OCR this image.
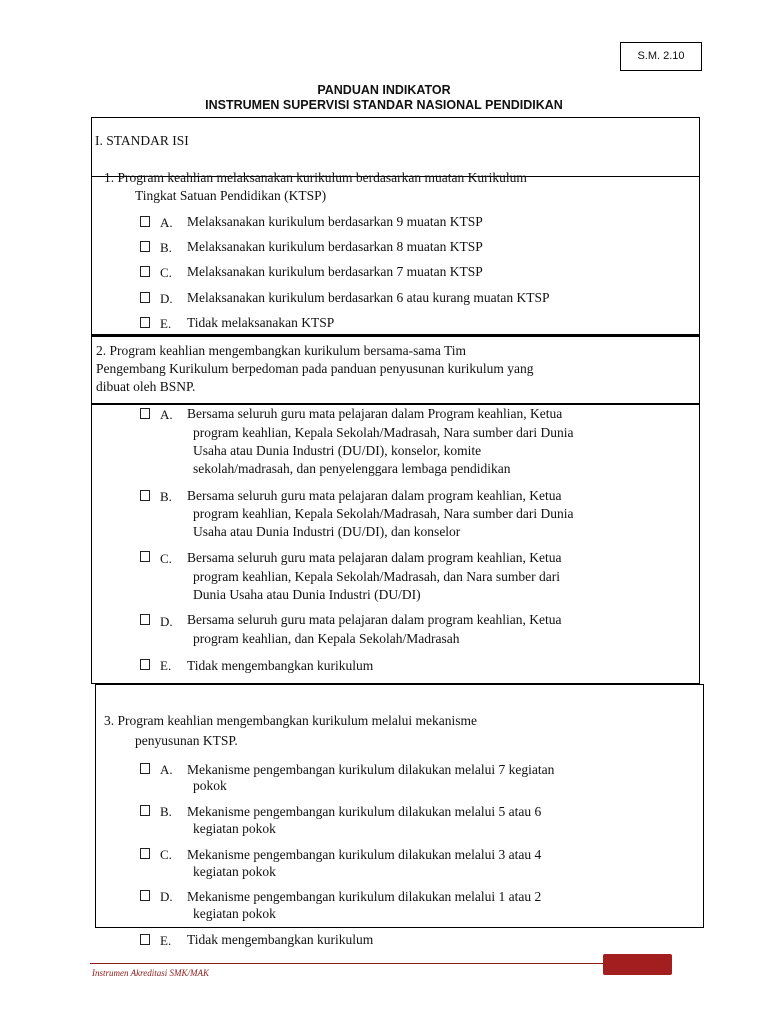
S.M. 2.10
PANDUAN INDIKATOR
INSTRUMEN SUPERVISI STANDAR NASIONAL PENDIDIKAN
I. STANDAR ISI
1. Program keahlian melaksanakan kurikulum berdasarkan muatan Kurikulum
Tingkat Satuan Pendidikan (KTSP)
A. Melaksanakan kurikulum berdasarkan 9 muatan KTSP
B. Melaksanakan kurikulum berdasarkan 8 muatan KTSP
C. Melaksanakan kurikulum berdasarkan 7 muatan KTSP
D. Melaksanakan kurikulum berdasarkan 6 atau kurang muatan KTSP
E. Tidak melaksanakan KTSP
2. Program keahlian mengembangkan kurikulum bersama-sama Tim
Pengembang Kurikulum berpedoman pada panduan penyusunan kurikulum yang
dibuat oleh BSNP.
A. Bersama seluruh guru mata pelajaran dalam Program keahlian, Ketua
program keahlian, Kepala Sekolah/Madrasah, Nara sumber dari Dunia
Usaha atau Dunia Industri (DU/DI), konselor, komite
sekolah/madrasah, dan penyelenggara lembaga pendidikan
B. Bersama seluruh guru mata pelajaran dalam program keahlian, Ketua
program keahlian, Kepala Sekolah/Madrasah, Nara sumber dari Dunia
Usaha atau Dunia Industri (DU/DI), dan konselor
C. Bersama seluruh guru mata pelajaran dalam program keahlian, Ketua
program keahlian, Kepala Sekolah/Madrasah, dan Nara sumber dari
Dunia Usaha atau Dunia Industri (DU/DI)
D. Bersama seluruh guru mata pelajaran dalam program keahlian, Ketua
program keahlian, dan Kepala Sekolah/Madrasah
E. Tidak mengembangkan kurikulum
3. Program keahlian mengembangkan kurikulum melalui mekanisme
penyusunan KTSP.
A. Mekanisme pengembangan kurikulum dilakukan melalui 7 kegiatan
pokok
B. Mekanisme pengembangan kurikulum dilakukan melalui 5 atau 6
kegiatan pokok
C. Mekanisme pengembangan kurikulum dilakukan melalui 3 atau 4
kegiatan pokok
D. Mekanisme pengembangan kurikulum dilakukan melalui 1 atau 2
kegiatan pokok
E. Tidak mengembangkan kurikulum
Instrumen Akreditasi SMK/MAK
